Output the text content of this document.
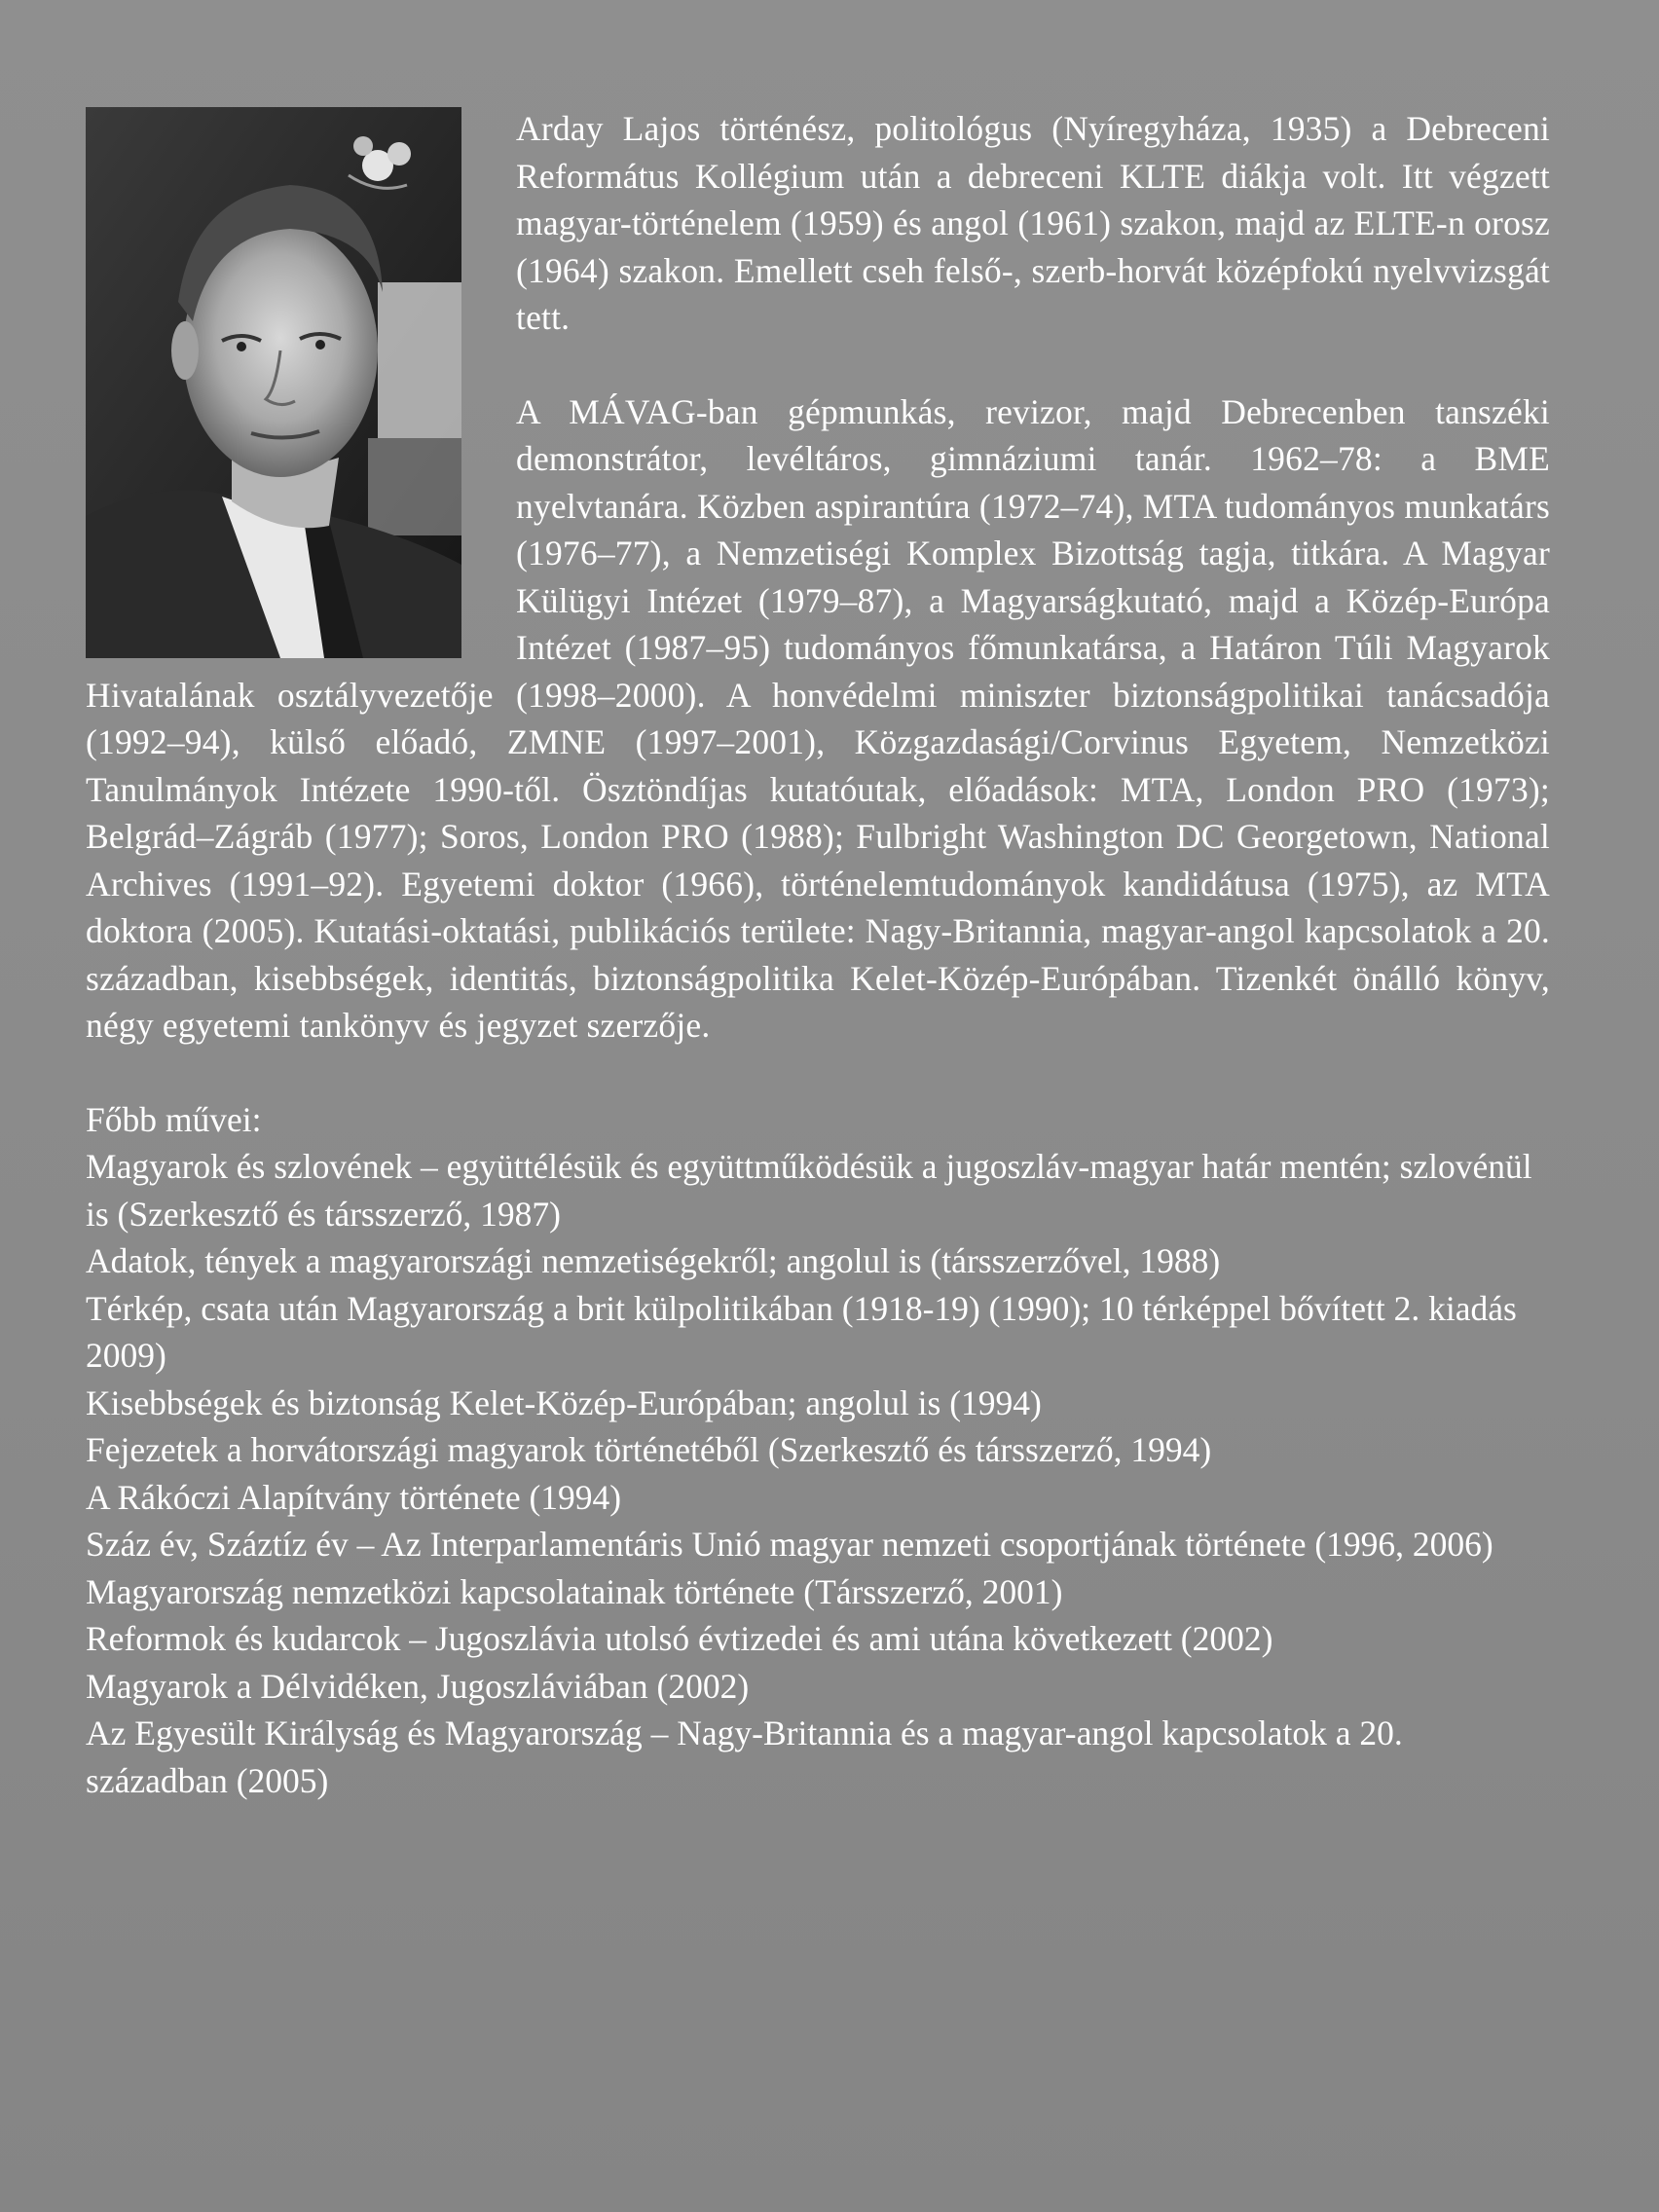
Arday Lajos történész, politológus (Nyíregyháza, 1935) a Debreceni Református Kollégium után a debreceni KLTE diákja volt. Itt végzett magyar-történelem (1959) és angol (1961) szakon, majd az ELTE-n orosz (1964) szakon. Emellett cseh felső-, szerb-horvát középfokú nyelvvizsgát tett.

A MÁVAG-ban gépmunkás, revizor, majd Debrecenben tanszéki demonstrátor, levéltáros, gimnáziumi tanár. 1962–78: a BME nyelvtanára. Közben aspirantúra (1972–74), MTA tudományos munkatárs (1976–77), a Nemzetiségi Komplex Bizottság tagja, titkára. A Magyar Külügyi Intézet (1979–87), a Magyarságkutató, majd a Közép-Európa Intézet (1987–95) tudományos főmunkatársa, a Határon Túli Magyarok Hivatalának osztályvezetője (1998–2000). A honvédelmi miniszter biztonságpolitikai tanácsadója (1992–94), külső előadó, ZMNE (1997–2001), Közgazdasági/Corvinus Egyetem, Nemzetközi Tanulmányok Intézete 1990-től. Ösztöndíjas kutatóutak, előadások: MTA, London PRO (1973); Belgrád–Zágráb (1977); Soros, London PRO (1988); Fulbright Washington DC Georgetown, National Archives (1991–92). Egyetemi doktor (1966), történelemtudományok kandidátusa (1975), az MTA doktora (2005). Kutatási-oktatási, publikációs területe: Nagy-Britannia, magyar-angol kapcsolatok a 20. században, kisebbségek, identitás, biztonságpolitika Kelet-Közép-Európában. Tizenkét önálló könyv, négy egyetemi tankönyv és jegyzet szerzője.

Főbb művei:

Magyarok és szlovének – együttélésük és együttműködésük a jugoszláv-magyar határ mentén; szlovénül is (Szerkesztő és társszerző, 1987)
Adatok, tények a magyarországi nemzetiségekről; angolul is (társszerzővel, 1988)
Térkép, csata után Magyarország a brit külpolitikában (1918-19) (1990); 10 térképpel bővített 2. kiadás 2009)
Kisebbségek és biztonság Kelet-Közép-Európában; angolul is (1994)
Fejezetek a horvátországi magyarok történetéből (Szerkesztő és társszerző, 1994)
A Rákóczi Alapítvány története (1994)
Száz év, Száztíz év – Az Interparlamentáris Unió magyar nemzeti csoportjának története (1996, 2006)
Magyarország nemzetközi kapcsolatainak története (Társszerző, 2001)
Reformok és kudarcok – Jugoszlávia utolsó évtizedei és ami utána következett (2002)
Magyarok a Délvidéken, Jugoszláviában (2002)
Az Egyesült Királyság és Magyarország – Nagy-Britannia és a magyar-angol kapcsolatok a 20. században (2005)
